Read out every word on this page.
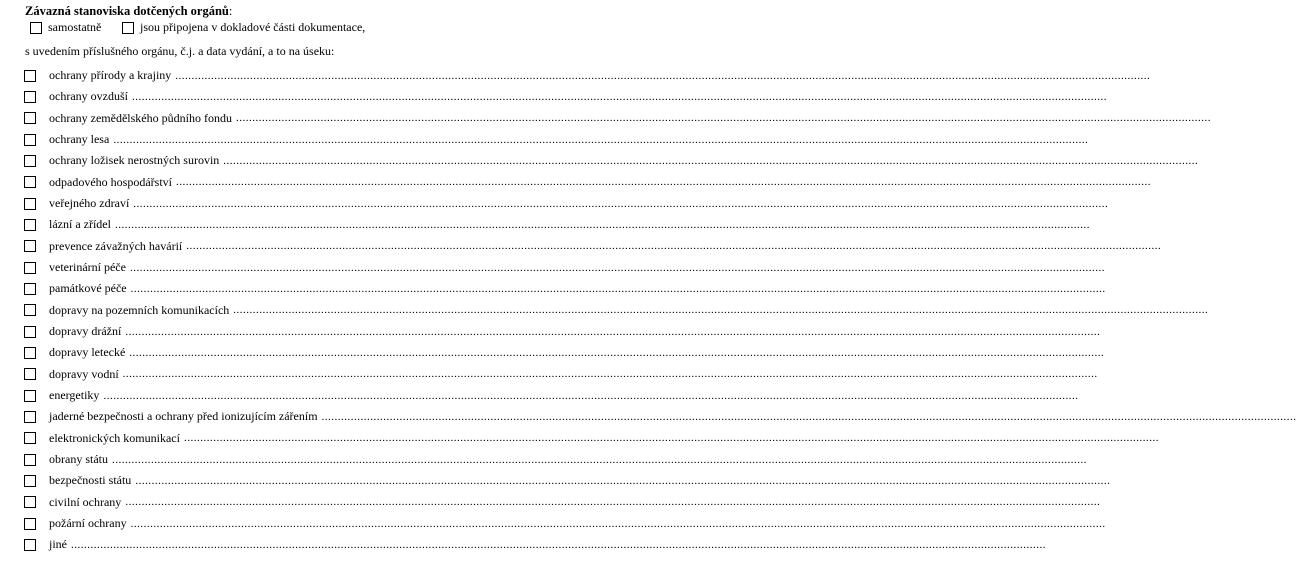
Závazná stanoviska dotčených orgánů:
samostatně	jsou připojena v dokladové části dokumentace,
s uvedením příslušného orgánu, č.j. a data vydání, a to na úseku:
ochrany přírody a krajiny ............................................................................................................................................................................................................................................................................................................
ochrany ovzduší ............................................................................................................................................................................................................................................................................................................
ochrany zemědělského půdního fondu ............................................................................................................................................................................................................................................................................................................
ochrany lesa ............................................................................................................................................................................................................................................................................................................
ochrany ložisek nerostných surovin ............................................................................................................................................................................................................................................................................................................
odpadového hospodářství ............................................................................................................................................................................................................................................................................................................
veřejného zdraví ............................................................................................................................................................................................................................................................................................................
lázní a zřídel ............................................................................................................................................................................................................................................................................................................
prevence závažných havárií ............................................................................................................................................................................................................................................................................................................
veterinární péče ............................................................................................................................................................................................................................................................................................................
památkové péče ............................................................................................................................................................................................................................................................................................................
dopravy na pozemních komunikacích ............................................................................................................................................................................................................................................................................................................
dopravy drážní ............................................................................................................................................................................................................................................................................................................
dopravy letecké ............................................................................................................................................................................................................................................................................................................
dopravy vodní ............................................................................................................................................................................................................................................................................................................
energetiky ............................................................................................................................................................................................................................................................................................................
jaderné bezpečnosti a ochrany před ionizujícím zářením ............................................................................................................................................................................................................................................................................................................
elektronických komunikací ............................................................................................................................................................................................................................................................................................................
obrany státu ............................................................................................................................................................................................................................................................................................................
bezpečnosti státu ............................................................................................................................................................................................................................................................................................................
civilní ochrany ............................................................................................................................................................................................................................................................................................................
požární ochrany ............................................................................................................................................................................................................................................................................................................
jiné ............................................................................................................................................................................................................................................................................................................
